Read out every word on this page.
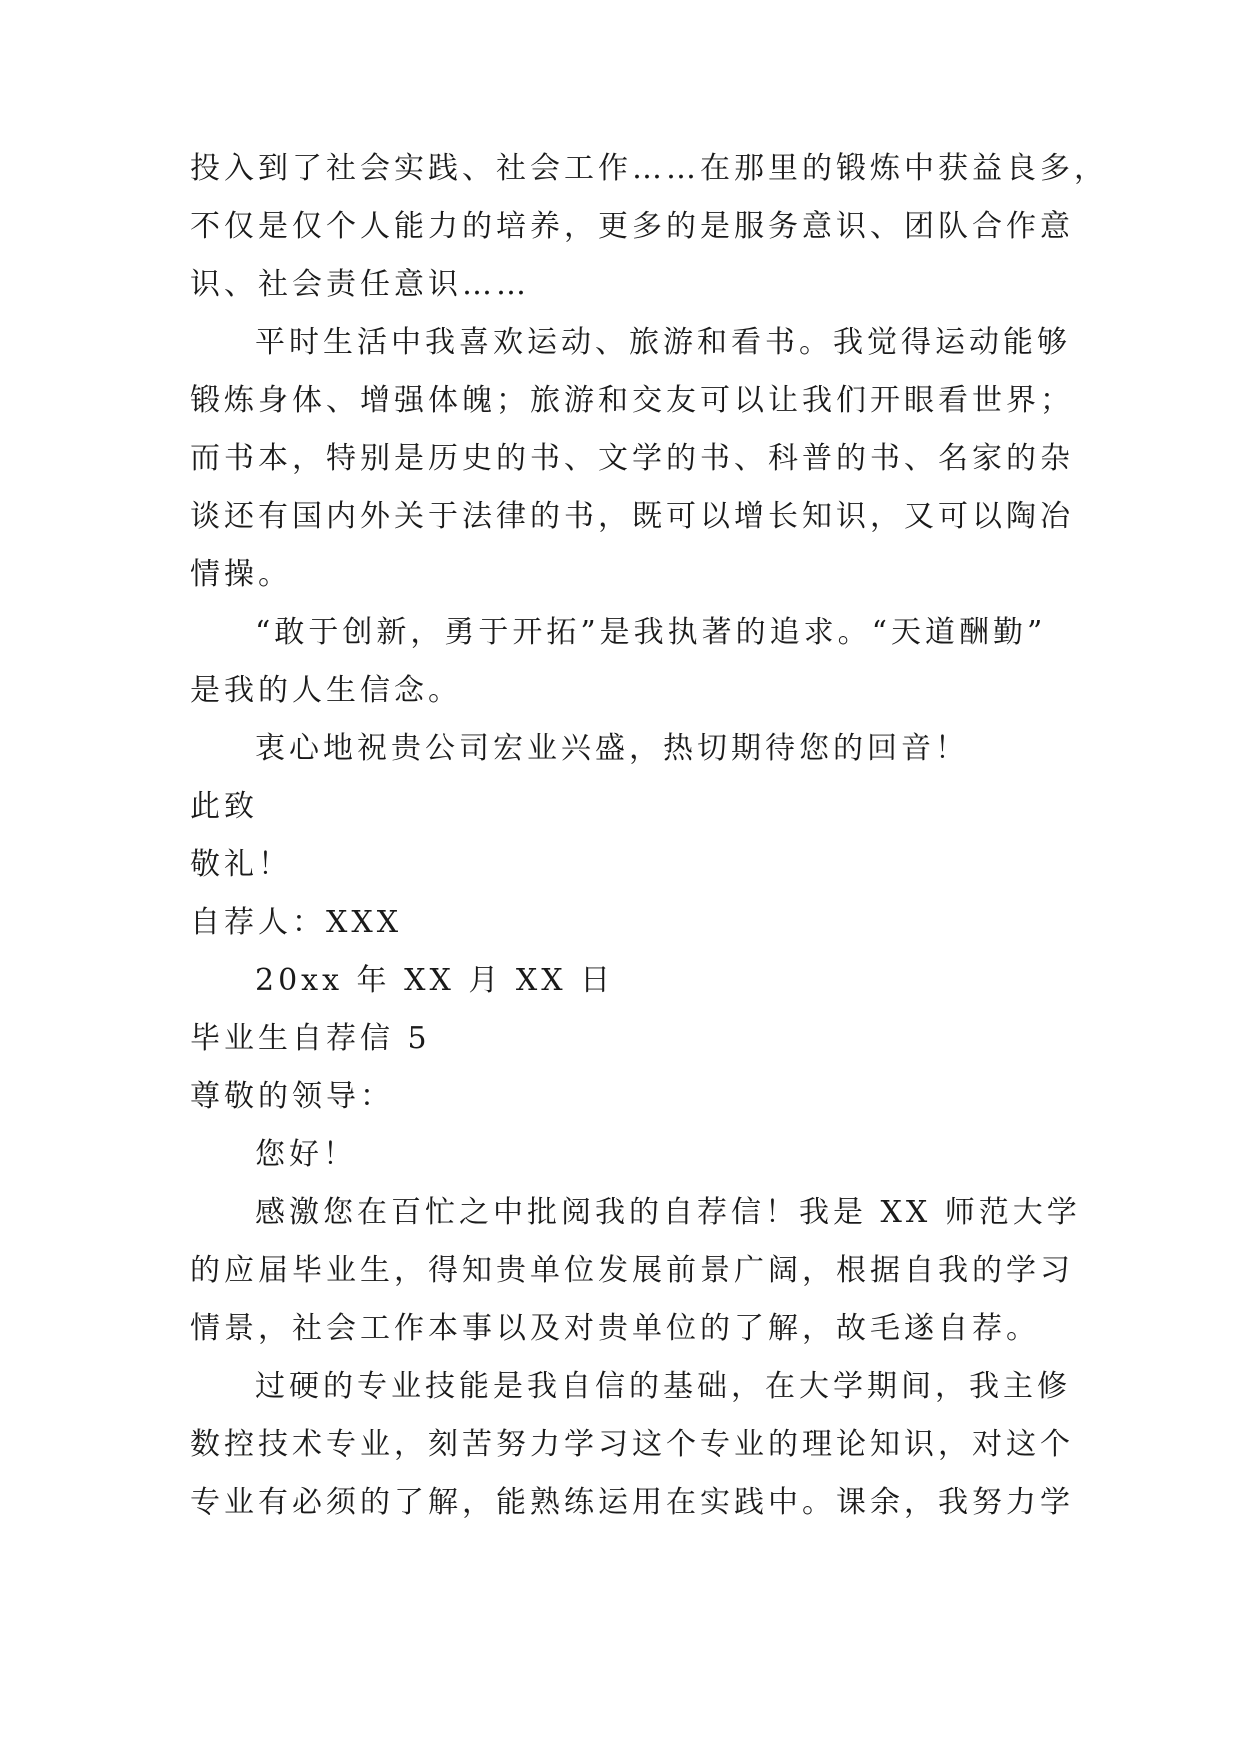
投入到了社会实践、社会工作……在那里的锻炼中获益良多，
不仅是仅个人能力的培养，更多的是服务意识、团队合作意
识、社会责任意识……
平时生活中我喜欢运动、旅游和看书。我觉得运动能够
锻炼身体、增强体魄；旅游和交友可以让我们开眼看世界；
而书本，特别是历史的书、文学的书、科普的书、名家的杂
谈还有国内外关于法律的书，既可以增长知识，又可以陶冶
情操。
“敢于创新，勇于开拓”是我执著的追求。“天道酬勤”
是我的人生信念。
衷心地祝贵公司宏业兴盛，热切期待您的回音！
此致
敬礼！
自荐人：XXX
20xx 年 XX 月 XX 日
毕业生自荐信 5
尊敬的领导：
您好！
感激您在百忙之中批阅我的自荐信！我是 XX 师范大学
的应届毕业生，得知贵单位发展前景广阔，根据自我的学习
情景，社会工作本事以及对贵单位的了解，故毛遂自荐。
过硬的专业技能是我自信的基础，在大学期间，我主修
数控技术专业，刻苦努力学习这个专业的理论知识，对这个
专业有必须的了解，能熟练运用在实践中。课余，我努力学
